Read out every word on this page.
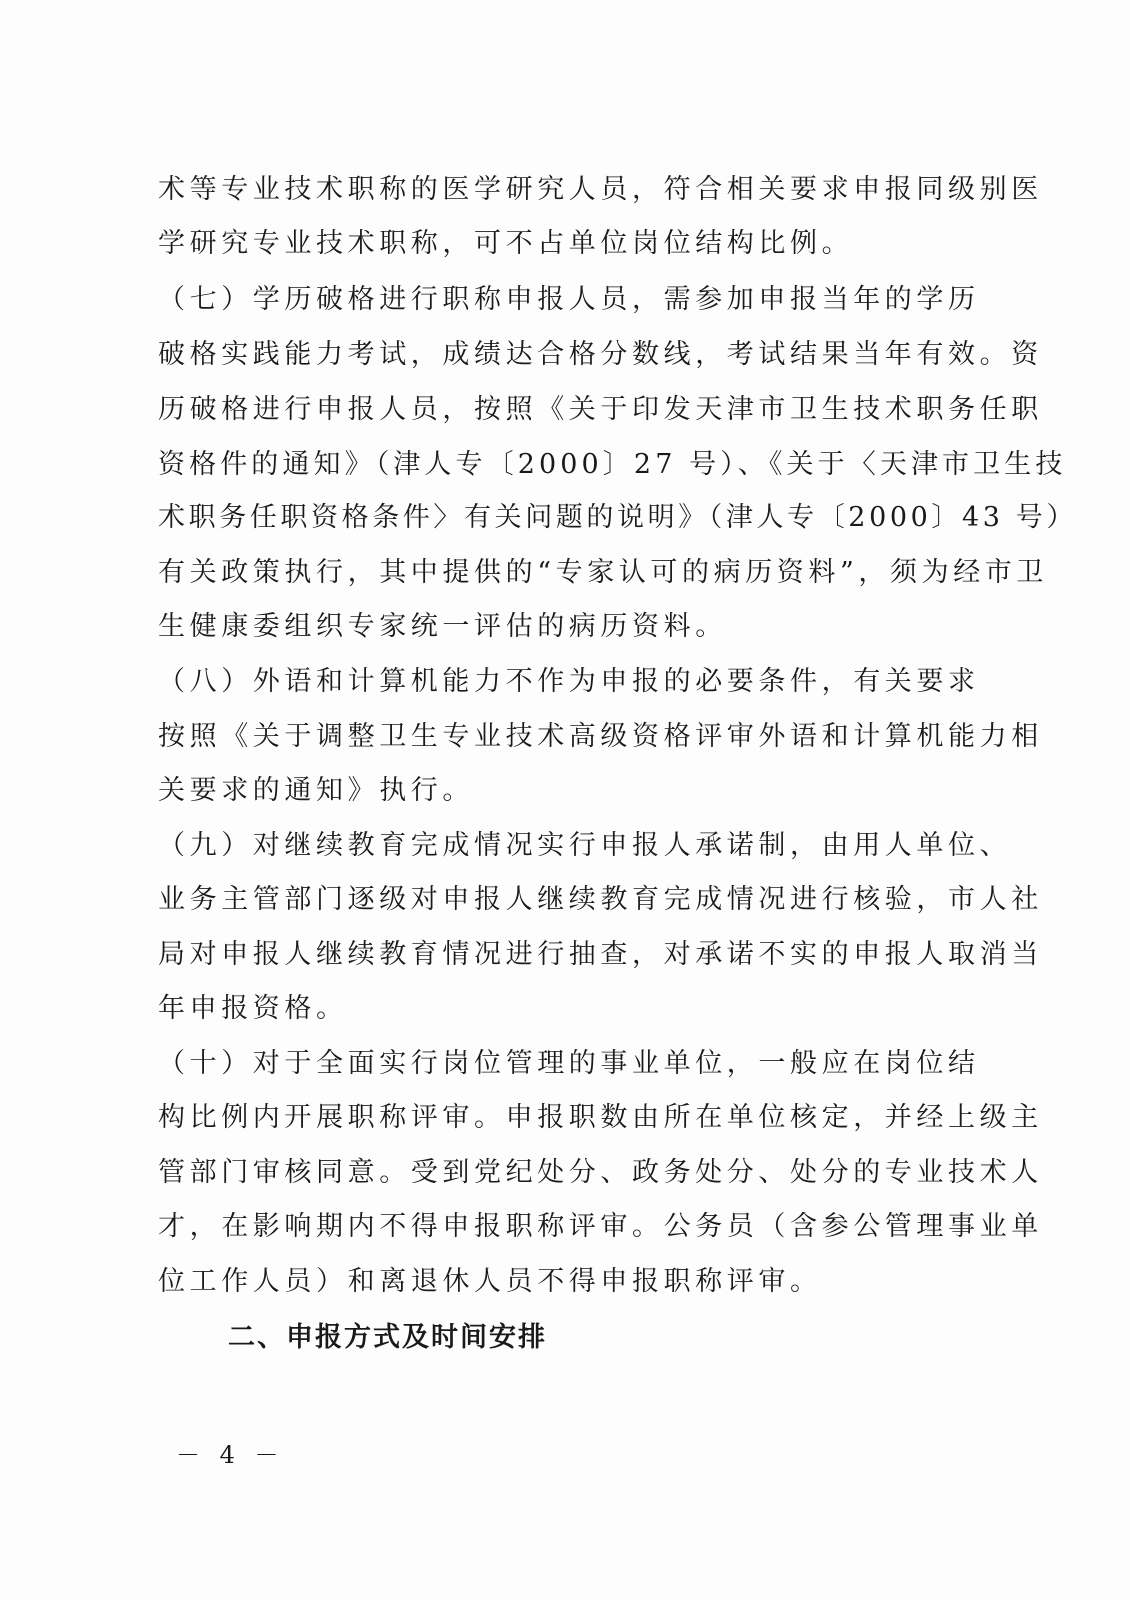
术等专业技术职称的医学研究人员，符合相关要求申报同级别医
学研究专业技术职称，可不占单位岗位结构比例。
（七）学历破格进行职称申报人员，需参加申报当年的学历
破格实践能力考试，成绩达合格分数线，考试结果当年有效。资
历破格进行申报人员，按照《关于印发天津市卫生技术职务任职
资格件的通知》（津人专〔2000〕27 号）、《关于〈天津市卫生技
术职务任职资格条件〉有关问题的说明》（津人专〔2000〕43 号）
有关政策执行，其中提供的“专家认可的病历资料”，须为经市卫
生健康委组织专家统一评估的病历资料。
（八）外语和计算机能力不作为申报的必要条件，有关要求
按照《关于调整卫生专业技术高级资格评审外语和计算机能力相
关要求的通知》执行。
（九）对继续教育完成情况实行申报人承诺制，由用人单位、
业务主管部门逐级对申报人继续教育完成情况进行核验，市人社
局对申报人继续教育情况进行抽查，对承诺不实的申报人取消当
年申报资格。
（十）对于全面实行岗位管理的事业单位，一般应在岗位结
构比例内开展职称评审。申报职数由所在单位核定，并经上级主
管部门审核同意。受到党纪处分、政务处分、处分的专业技术人
才，在影响期内不得申报职称评审。公务员（含参公管理事业单
位工作人员）和离退休人员不得申报职称评审。
二、申报方式及时间安排
－ 4 －
